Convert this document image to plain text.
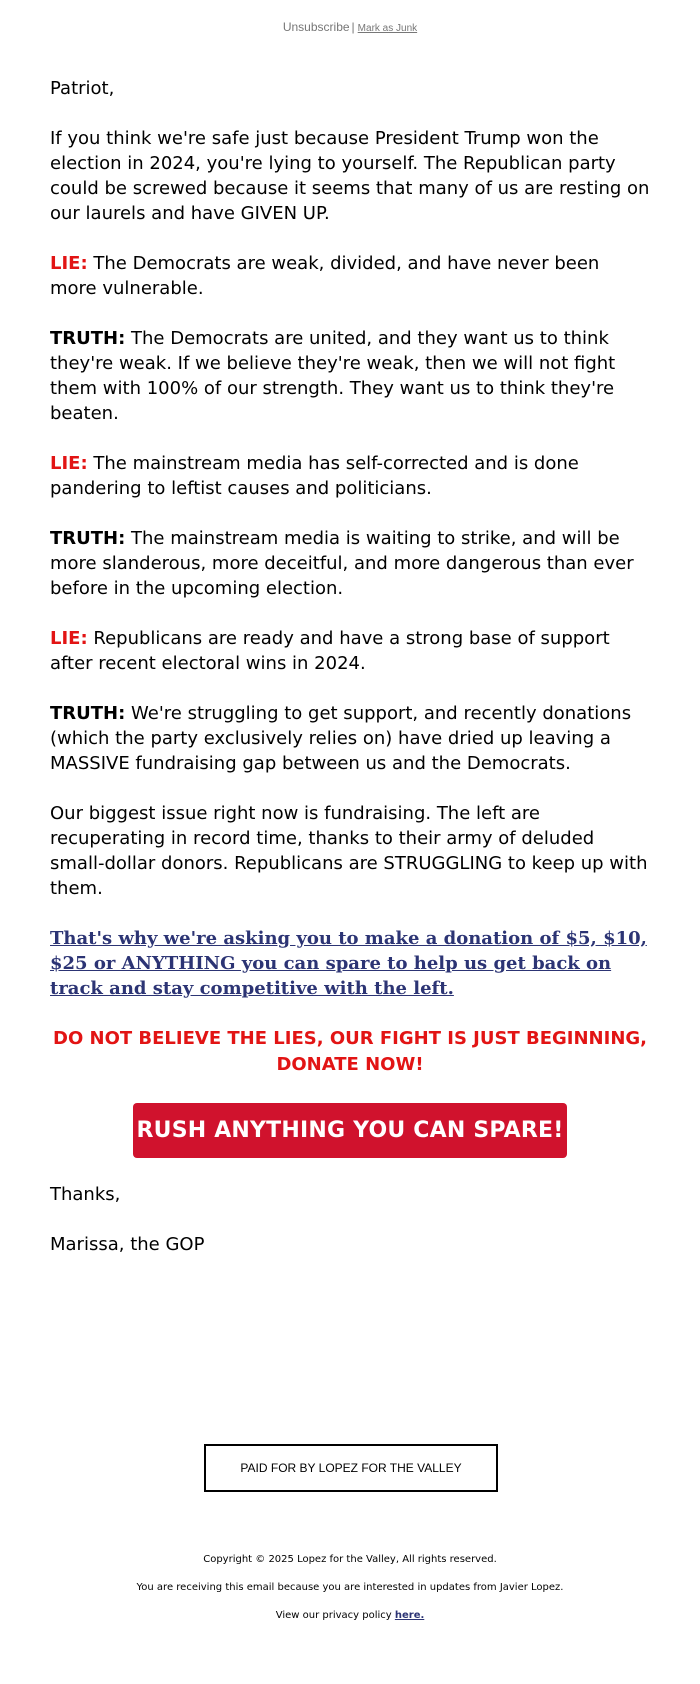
Unsubscribe | Mark as Junk

Patriot,

If you think we're safe just because President Trump won the election in 2024, you're lying to yourself. The Republican party could be screwed because it seems that many of us are resting on our laurels and have GIVEN UP.

LIE: The Democrats are weak, divided, and have never been more vulnerable.

TRUTH: The Democrats are united, and they want us to think they're weak. If we believe they're weak, then we will not fight them with 100% of our strength. They want us to think they're beaten.

LIE: The mainstream media has self-corrected and is done pandering to leftist causes and politicians.

TRUTH: The mainstream media is waiting to strike, and will be more slanderous, more deceitful, and more dangerous than ever before in the upcoming election.

LIE: Republicans are ready and have a strong base of support after recent electoral wins in 2024.

TRUTH: We're struggling to get support, and recently donations (which the party exclusively relies on) have dried up leaving a MASSIVE fundraising gap between us and the Democrats.

Our biggest issue right now is fundraising. The left are recuperating in record time, thanks to their army of deluded small-dollar donors. Republicans are STRUGGLING to keep up with them.

That's why we're asking you to make a donation of $5, $10, $25 or ANYTHING you can spare to help us get back on track and stay competitive with the left.

DO NOT BELIEVE THE LIES, OUR FIGHT IS JUST BEGINNING, DONATE NOW!

RUSH ANYTHING YOU CAN SPARE!

Thanks,

Marissa, the GOP

PAID FOR BY LOPEZ FOR THE VALLEY
Copyright © 2025 Lopez for the Valley, All rights reserved.
You are receiving this email because you are interested in updates from Javier Lopez.
View our privacy policy here.
